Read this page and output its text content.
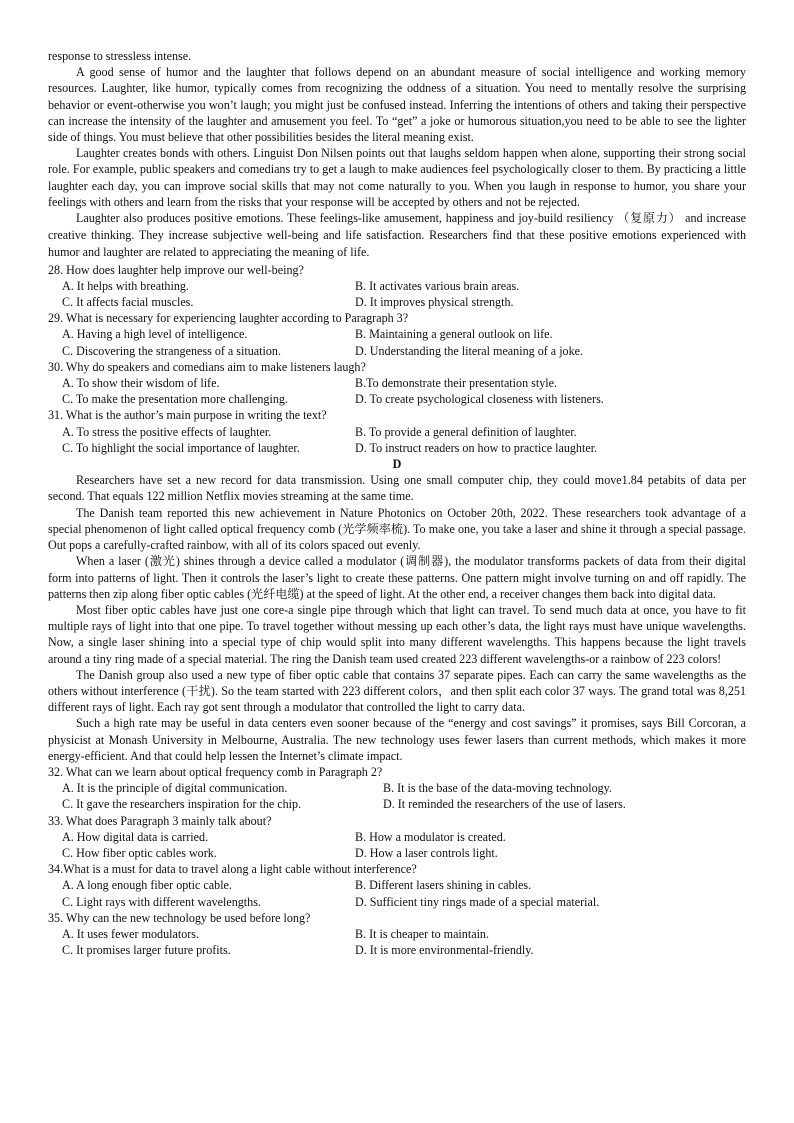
response to stressless intense.

A good sense of humor and the laughter that follows depend on an abundant measure of social intelligence and working memory resources. Laughter, like humor, typically comes from recognizing the oddness of a situation. You need to mentally resolve the surprising behavior or event-otherwise you won’t laugh; you might just be confused instead. Inferring the intentions of others and taking their perspective can increase the intensity of the laughter and amusement you feel. To “get” a joke or humorous situation,you need to be able to see the lighter side of things. You must believe that other possibilities besides the literal meaning exist.

Laughter creates bonds with others. Linguist Don Nilsen points out that laughs seldom happen when alone, supporting their strong social role. For example, public speakers and comedians try to get a laugh to make audiences feel psychologically closer to them. By practicing a little laughter each day, you can improve social skills that may not come naturally to you. When you laugh in response to humor, you share your feelings with others and learn from the risks that your response will be accepted by others and not be rejected.

Laughter also produces positive emotions. These feelings-like amusement, happiness and joy-build resiliency （复原力） and increase creative thinking. They increase subjective well-being and life satisfaction. Researchers find that these positive emotions experienced with humor and laughter are related to appreciating the meaning of life.

28. How does laughter help improve our well-being?

A. It helps with breathing.	B. It activates various brain areas.
C. It affects facial muscles.	D. It improves physical strength.

29. What is necessary for experiencing laughter according to Paragraph 3?

A. Having a high level of intelligence.	B. Maintaining a general outlook on life.
C. Discovering the strangeness of a situation.	D. Understanding the literal meaning of a joke.

30. Why do speakers and comedians aim to make listeners laugh?

A. To show their wisdom of life.	B.To demonstrate their presentation style.
C. To make the presentation more challenging.	D. To create psychological closeness with listeners.

31. What is the author’s main purpose in writing the text?

A. To stress the positive effects of laughter.	B. To provide a general definition of laughter.
C. To highlight the social importance of laughter.	D. To instruct readers on how to practice laughter.

D

Researchers have set a new record for data transmission. Using one small computer chip, they could move1.84 petabits of data per second. That equals 122 million Netflix movies streaming at the same time.

The Danish team reported this new achievement in Nature Photonics on October 20th, 2022. These researchers took advantage of a special phenomenon of light called optical frequency comb (光学频率梳). To make one, you take a laser and shine it through a special passage. Out pops a carefully-crafted rainbow, with all of its colors spaced out evenly.

When a laser (激光) shines through a device called a modulator (调制器), the modulator transforms packets of data from their digital form into patterns of light. Then it controls the laser’s light to create these patterns. One pattern might involve turning on and off rapidly. The patterns then zip along fiber optic cables (光纤电缆) at the speed of light. At the other end, a receiver changes them back into digital data.

Most fiber optic cables have just one core-a single pipe through which that light can travel. To send much data at once, you have to fit multiple rays of light into that one pipe. To travel together without messing up each other’s data, the light rays must have unique wavelengths. Now, a single laser shining into a special type of chip would split into many different wavelengths. This happens because the light travels around a tiny ring made of a special material. The ring the Danish team used created 223 different wavelengths-or a rainbow of 223 colors!

The Danish group also used a new type of fiber optic cable that contains 37 separate pipes. Each can carry the same wavelengths as the others without interference (干扰). So the team started with 223 different colors，and then split each color 37 ways. The grand total was 8,251 different rays of light. Each ray got sent through a modulator that controlled the light to carry data.

Such a high rate may be useful in data centers even sooner because of the “energy and cost savings” it promises, says Bill Corcoran, a physicist at Monash University in Melbourne, Australia. The new technology uses fewer lasers than current methods, which makes it more energy-efficient. And that could help lessen the Internet’s climate impact.

32. What can we learn about optical frequency comb in Paragraph 2?

A. It is the principle of digital communication.	B. It is the base of the data-moving technology.
C. It gave the researchers inspiration for the chip.	D. It reminded the researchers of the use of lasers.

33. What does Paragraph 3 mainly talk about?

A. How digital data is carried.	B. How a modulator is created.
C. How fiber optic cables work.	D. How a laser controls light.

34.What is a must for data to travel along a light cable without interference?

A. A long enough fiber optic cable.	B. Different lasers shining in cables.
C. Light rays with different wavelengths.	D. Sufficient tiny rings made of a special material.

35. Why can the new technology be used before long?

A. It uses fewer modulators.	B. It is cheaper to maintain.
C. It promises larger future profits.	D. It is more environmental-friendly.
